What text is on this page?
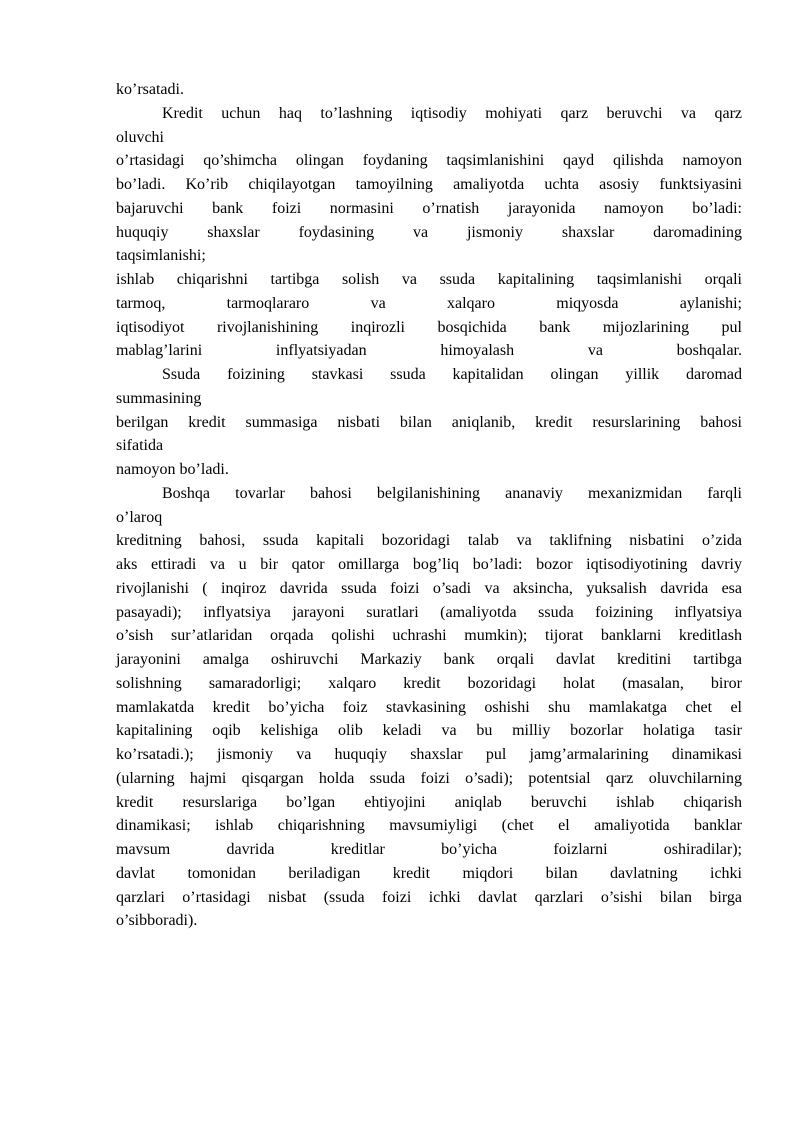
ko’rsatadi.
Kredit uchun haq to’lashning iqtisodiy mohiyati qarz beruvchi va qarz
oluvchi
o’rtasidagi qo’shimcha olingan foydaning taqsimlanishini qayd qilishda namoyon
bo’ladi. Ko’rib chiqilayotgan tamoyilning amaliyotda uchta asosiy funktsiyasini
bajaruvchi bank foizi normasini o’rnatish jarayonida namoyon bo’ladi:
huquqiy shaxslar foydasining va jismoniy shaxslar daromadining
taqsimlanishi;
ishlab chiqarishni tartibga solish va ssuda kapitalining taqsimlanishi orqali
tarmoq, tarmoqlararo va xalqaro miqyosda aylanishi;
iqtisodiyot rivojlanishining inqirozli bosqichida bank mijozlarining pul
mablag’larini inflyatsiyadan himoyalash va boshqalar.
Ssuda foizining stavkasi ssuda kapitalidan olingan yillik daromad
summasining
berilgan kredit summasiga nisbati bilan aniqlanib, kredit resurslarining bahosi
sifatida
namoyon bo’ladi.
Boshqa tovarlar bahosi belgilanishining ananaviy mexanizmidan farqli
o’laroq
kreditning bahosi, ssuda kapitali bozoridagi talab va taklifning nisbatini o’zida
aks ettiradi va u bir qator omillarga bog’liq bo’ladi: bozor iqtisodiyotining davriy
rivojlanishi ( inqiroz davrida ssuda foizi o’sadi va aksincha, yuksalish davrida esa
pasayadi); inflyatsiya jarayoni suratlari (amaliyotda ssuda foizining inflyatsiya
o’sish sur’atlaridan orqada qolishi uchrashi mumkin); tijorat banklarni kreditlash
jarayonini amalga oshiruvchi Markaziy bank orqali davlat kreditini tartibga
solishning samaradorligi; xalqaro kredit bozoridagi holat (masalan, biror
mamlakatda kredit bo’yicha foiz stavkasining oshishi shu mamlakatga chet el
kapitalining oqib kelishiga olib keladi va bu milliy bozorlar holatiga tasir
ko’rsatadi.); jismoniy va huquqiy shaxslar pul jamg’armalarining dinamikasi
(ularning hajmi qisqargan holda ssuda foizi o’sadi); potentsial qarz oluvchilarning
kredit resurslariga bo’lgan ehtiyojini aniqlab beruvchi ishlab chiqarish
dinamikasi; ishlab chiqarishning mavsumiyligi (chet el amaliyotida banklar
mavsum davrida kreditlar bo’yicha foizlarni oshiradilar);
davlat tomonidan beriladigan kredit miqdori bilan davlatning ichki
qarzlari o’rtasidagi nisbat (ssuda foizi ichki davlat qarzlari o’sishi bilan birga
o’sibboradi).
